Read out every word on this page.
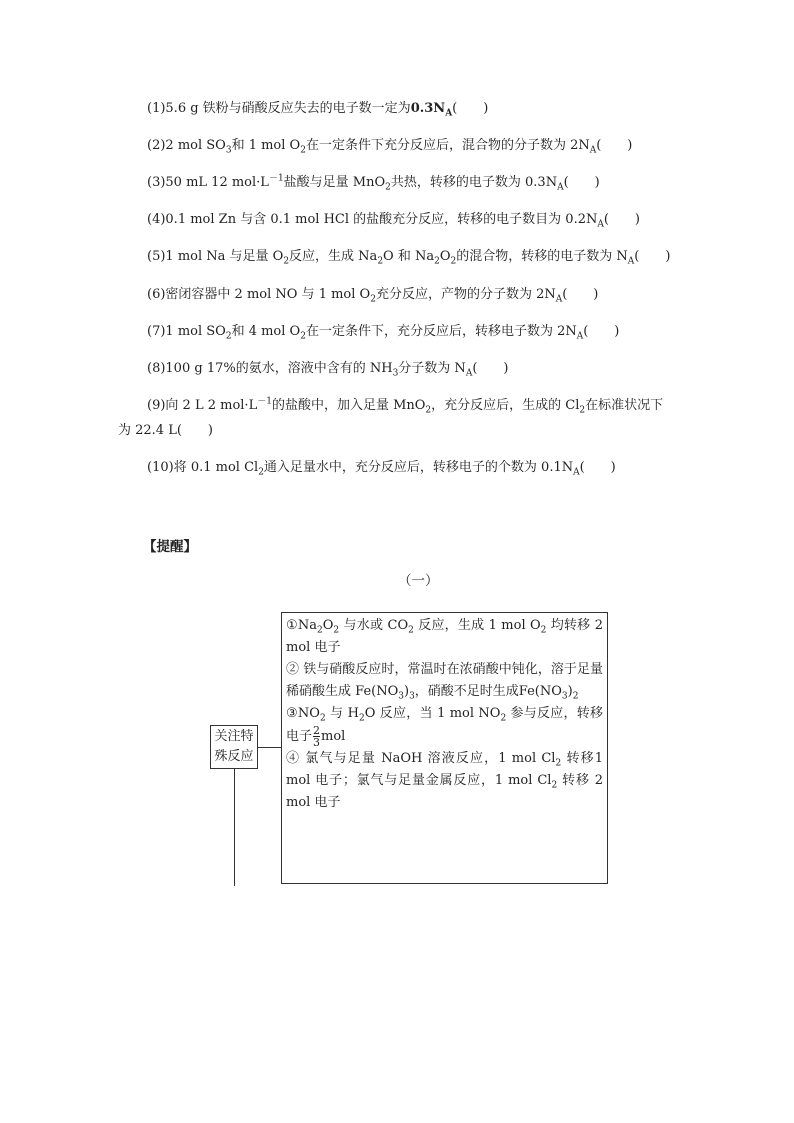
(1)5.6 g 铁粉与硝酸反应失去的电子数一定为$0.3N_A$(　　)
(2)2 mol $SO_3$和 1 mol $O_2$在一定条件下充分反应后，混合物的分子数为 $2N_A$(　　)
(3)50 mL 12 $mol\cdot L^{-1}$盐酸与足量 MnO$_2$共热，转移的电子数为 $0.3N_A$(　　)
(4)0.1 mol Zn 与含 0.1 mol HCl 的盐酸充分反应，转移的电子数目为 $0.2N_A$(　　)
(5)1 mol Na 与足量 $O_2$反应，生成 $Na_2O$ 和 $Na_2O_2$的混合物，转移的电子数为 $N_A$(　　)
(6)密闭容器中 2 mol NO 与 1 mol $O_2$充分反应，产物的分子数为 $2N_A$(　　)
(7)1 mol $SO_2$和 4 mol $O_2$在一定条件下，充分反应后，转移电子数为 $2N_A$(　　)
(8)100 g 17%的氨水，溶液中含有的 $NH_3$分子数为 $N_A$(　　)
(9)向 2 L 2 $mol\cdot L^{-1}$的盐酸中，加入足量 MnO$_2$，充分反应后，生成的 $Cl_2$在标准状况下
为 22.4 L(　　)
(10)将 0.1 mol $Cl_2$通入足量水中，充分反应后，转移电子的个数为 $0.1N_A$(　　)
【提醒】
（一）
关注特
殊反应

$①Na_2O_2$ 与水或 $CO_2$ 反应，生成 1 mol $O_2$ 均转移 2 mol 电子

② 铁与硝酸反应时，常温时在浓硝酸中钝化，溶于足量稀硝酸生成 $Fe(NO_3)_3$，硝酸不足时生成$Fe(NO_3)_2$

$③NO_2$ 与 $H_2O$ 反应，当 1 mol $NO_2$ 参与反应，转移电子 $\frac{2}{3}$ mol

④ 氯气与足量 NaOH 溶液反应，1 mol $Cl_2$ 转移1 mol 电子；氯气与足量金属反应，1 mol $Cl_2$ 转移 2 mol 电子
